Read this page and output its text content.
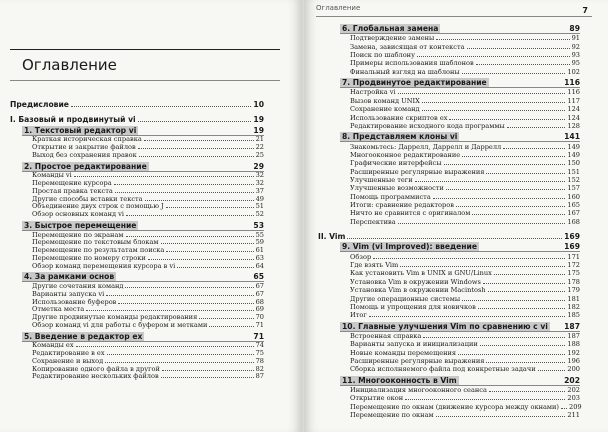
Оглавление
Предисловие	10
I. Базовый и продвинутый vi	19
1. Текстовый редактор vi	19
Краткая историческая справка	21
Открытие и закрытие файлов	22
Выход без сохранения правок	25
2. Простое редактирование	29
Команды vi	32
Перемещение курсора	32
Простая правка текста	37
Другие способы вставки текста	49
Объединение двух строк с помощью J	51
Обзор основных команд vi	52
3. Быстрое перемещение	53
Перемещение по экранам	55
Перемещение по текстовым блокам	59
Перемещение по результатам поиска	61
Перемещение по номеру строки	63
Обзор команд перемещения курсора в vi	64
4. За рамками основ	65
Другие сочетания команд	67
Варианты запуска vi	67
Использование буферов	68
Отметка места	69
Другие продвинутые команды редактирования	70
Обзор команд vi для работы с буфером и метками	71
5. Введение в редактор ex	71
Команды ex	74
Редактирование в ex	75
Сохранение и выход	78
Копирование одного файла в другой	82
Редактирование нескольких файлов	87
Оглавление	7
6. Глобальная замена	89
Подтверждение замены	91
Замена, зависящая от контекста	92
Поиск по шаблону	93
Примеры использования шаблонов	95
Финальный взгляд на шаблоны	102
7. Продвинутое редактирование	116
Настройка vi	116
Вызов команд UNIX	117
Сохранение команд	124
Использование скриптов ex	124
Редактирование исходного кода программы	128
8. Представляем клоны vi	141
Знакомьтесь: Даррелл, Даррелл и Даррелл	149
Многооконное редактирование	149
Графические интерфейсы	150
Расширенные регулярные выражения	151
Улучшенные теги	152
Улучшенные возможности	157
Помощь программиста	160
Итоги: сравнение редакторов	165
Ничто не сравнится с оригиналом	167
Перспектива	168
II. Vim	169
9. Vim (vi Improved): введение	169
Обзор	171
Где взять Vim	172
Как установить Vim в UNIX и GNU/Linux	175
Установка Vim в окружении Windows	178
Установка Vim в окружении Macintosh	179
Другие операционные системы	181
Помощь и упрощения для новичков	182
Итог	185
10. Главные улучшения Vim по сравнению с vi 187
Встроенная справка	187
Варианты запуска и инициализации	188
Новые команды перемещения	192
Расширенные регулярные выражения	196
Сборка исполняемого файла под конкретные задачи	200
11. Многооконность в Vim	202
Инициализация многооконного сеанса	202
Открытие окон	203
Перемещение по окнам (движение курсора между окнами) 209
Перемещение по окнам	211
